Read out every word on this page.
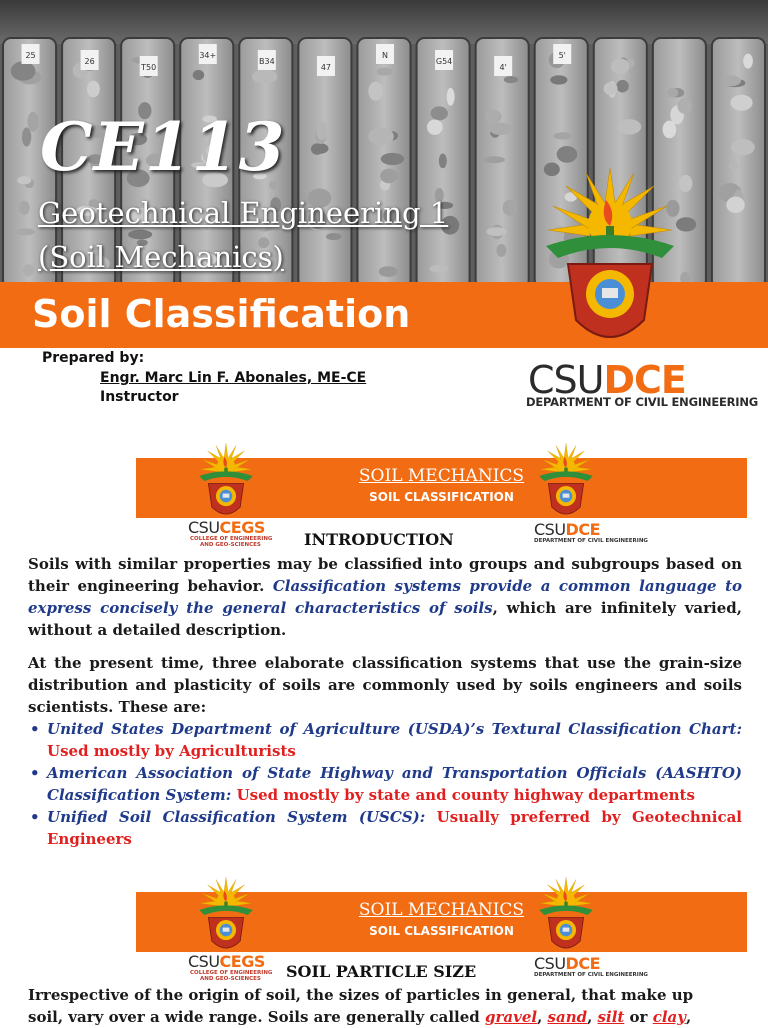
25
26
T50
34+
B34
47
N
G54
4'
5'
CE113
Geotechnical Engineering 1
(Soil Mechanics)
Soil Classification
Prepared by:
Engr. Marc Lin F. Abonales, ME-CE
Instructor	CSUDCE
DEPARTMENT OF CIVIL ENGINEERING
SOIL MECHANICS
SOIL CLASSIFICATION
CSUCEGS
COLLEGE OF ENGINEERING
AND GEO-SCIENCES
CSUDCE
DEPARTMENT OF CIVIL ENGINEERING
INTRODUCTION

Soils with similar properties may be classified into groups and subgroups based on their engineering behavior. Classification systems provide a common language to express concisely the general characteristics of soils, which are infinitely varied, without a detailed description.

At the present time, three elaborate classification systems that use the grain-size distribution and plasticity of soils are commonly used by soils engineers and soils scientists. These are:

• United States Department of Agriculture (USDA)’s Textural Classification Chart: Used mostly by Agriculturists
• American Association of State Highway and Transportation Officials (AASHTO) Classification System: Used mostly by state and county highway departments
• Unified Soil Classification System (USCS): Usually preferred by Geotechnical Engineers
SOIL MECHANICS
SOIL CLASSIFICATION
CSUCEGS
COLLEGE OF ENGINEERING
AND GEO-SCIENCES
CSUDCE
DEPARTMENT OF CIVIL ENGINEERING
SOIL PARTICLE SIZE
Irrespective of the origin of soil, the sizes of particles in general, that make up
soil, vary over a wide range. Soils are generally called gravel, sand, silt or clay,
